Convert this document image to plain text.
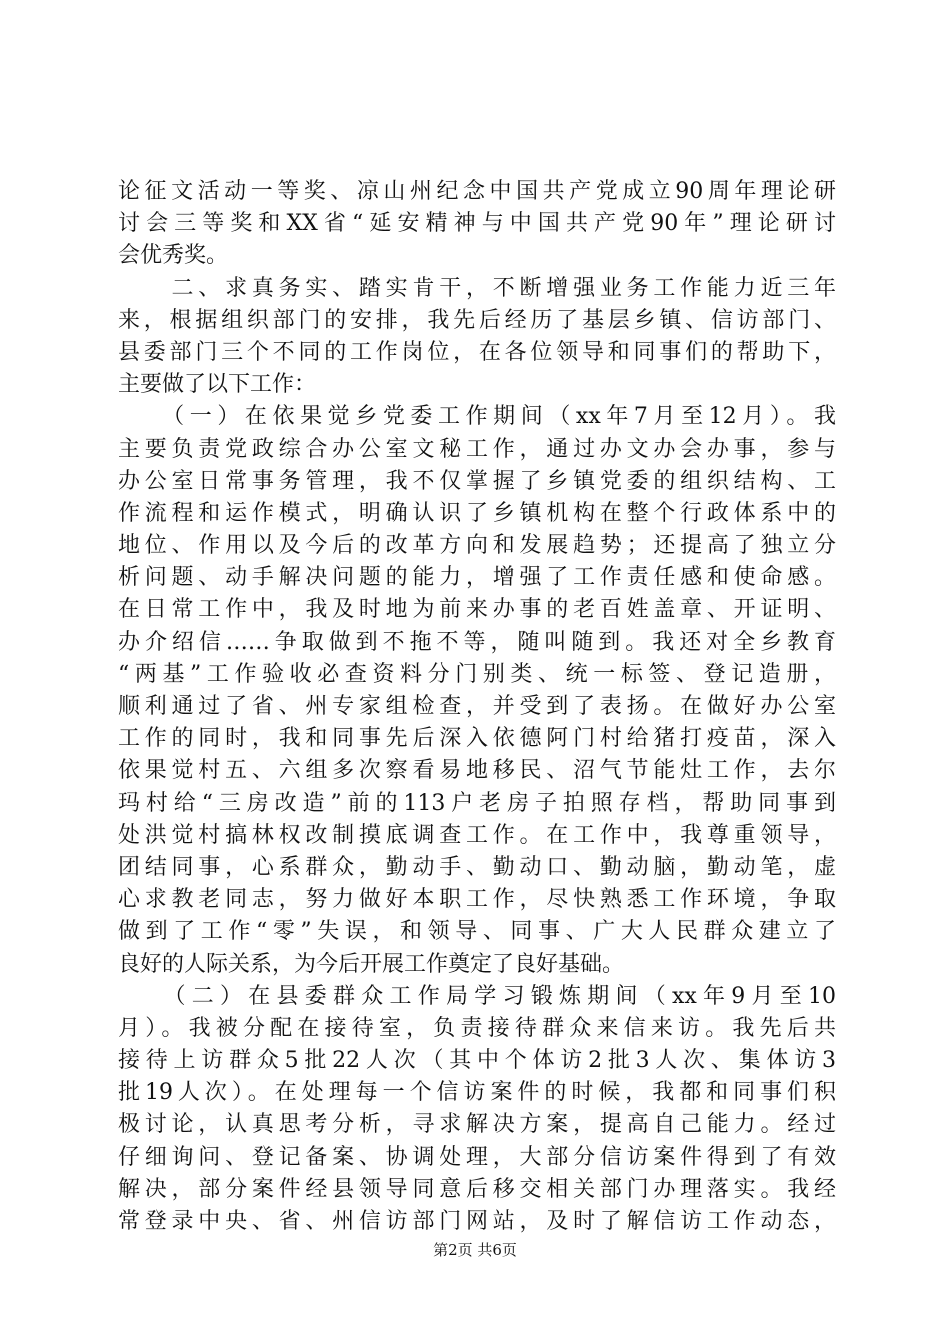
论征文活动一等奖、凉山州纪念中国共产党成立90周年理论研
讨会三等奖和XX省“延安精神与中国共产党90年”理论研讨
会优秀奖。
　　二、求真务实、踏实肯干，不断增强业务工作能力近三年
来，根据组织部门的安排，我先后经历了基层乡镇、信访部门、
县委部门三个不同的工作岗位，在各位领导和同事们的帮助下，
主要做了以下工作：
　　（一）在依果觉乡党委工作期间（xx年7月至12月）。我
主要负责党政综合办公室文秘工作，通过办文办会办事，参与
办公室日常事务管理，我不仅掌握了乡镇党委的组织结构、工
作流程和运作模式，明确认识了乡镇机构在整个行政体系中的
地位、作用以及今后的改革方向和发展趋势；还提高了独立分
析问题、动手解决问题的能力，增强了工作责任感和使命感。
在日常工作中，我及时地为前来办事的老百姓盖章、开证明、
办介绍信……争取做到不拖不等，随叫随到。我还对全乡教育
“两基”工作验收必查资料分门别类、统一标签、登记造册，
顺利通过了省、州专家组检查，并受到了表扬。在做好办公室
工作的同时，我和同事先后深入依德阿门村给猪打疫苗，深入
依果觉村五、六组多次察看易地移民、沼气节能灶工作，去尔
玛村给“三房改造”前的113户老房子拍照存档，帮助同事到
处洪觉村搞林权改制摸底调查工作。在工作中，我尊重领导，
团结同事，心系群众，勤动手、勤动口、勤动脑，勤动笔，虚
心求教老同志，努力做好本职工作，尽快熟悉工作环境，争取
做到了工作“零”失误，和领导、同事、广大人民群众建立了
良好的人际关系，为今后开展工作奠定了良好基础。
　　（二）在县委群众工作局学习锻炼期间（xx年9月至10
月）。我被分配在接待室，负责接待群众来信来访。我先后共
接待上访群众5批22人次（其中个体访2批3人次、集体访3
批19人次）。在处理每一个信访案件的时候，我都和同事们积
极讨论，认真思考分析，寻求解决方案，提高自己能力。经过
仔细询问、登记备案、协调处理，大部分信访案件得到了有效
解决，部分案件经县领导同意后移交相关部门办理落实。我经
常登录中央、省、州信访部门网站，及时了解信访工作动态，
第2页 共6页
